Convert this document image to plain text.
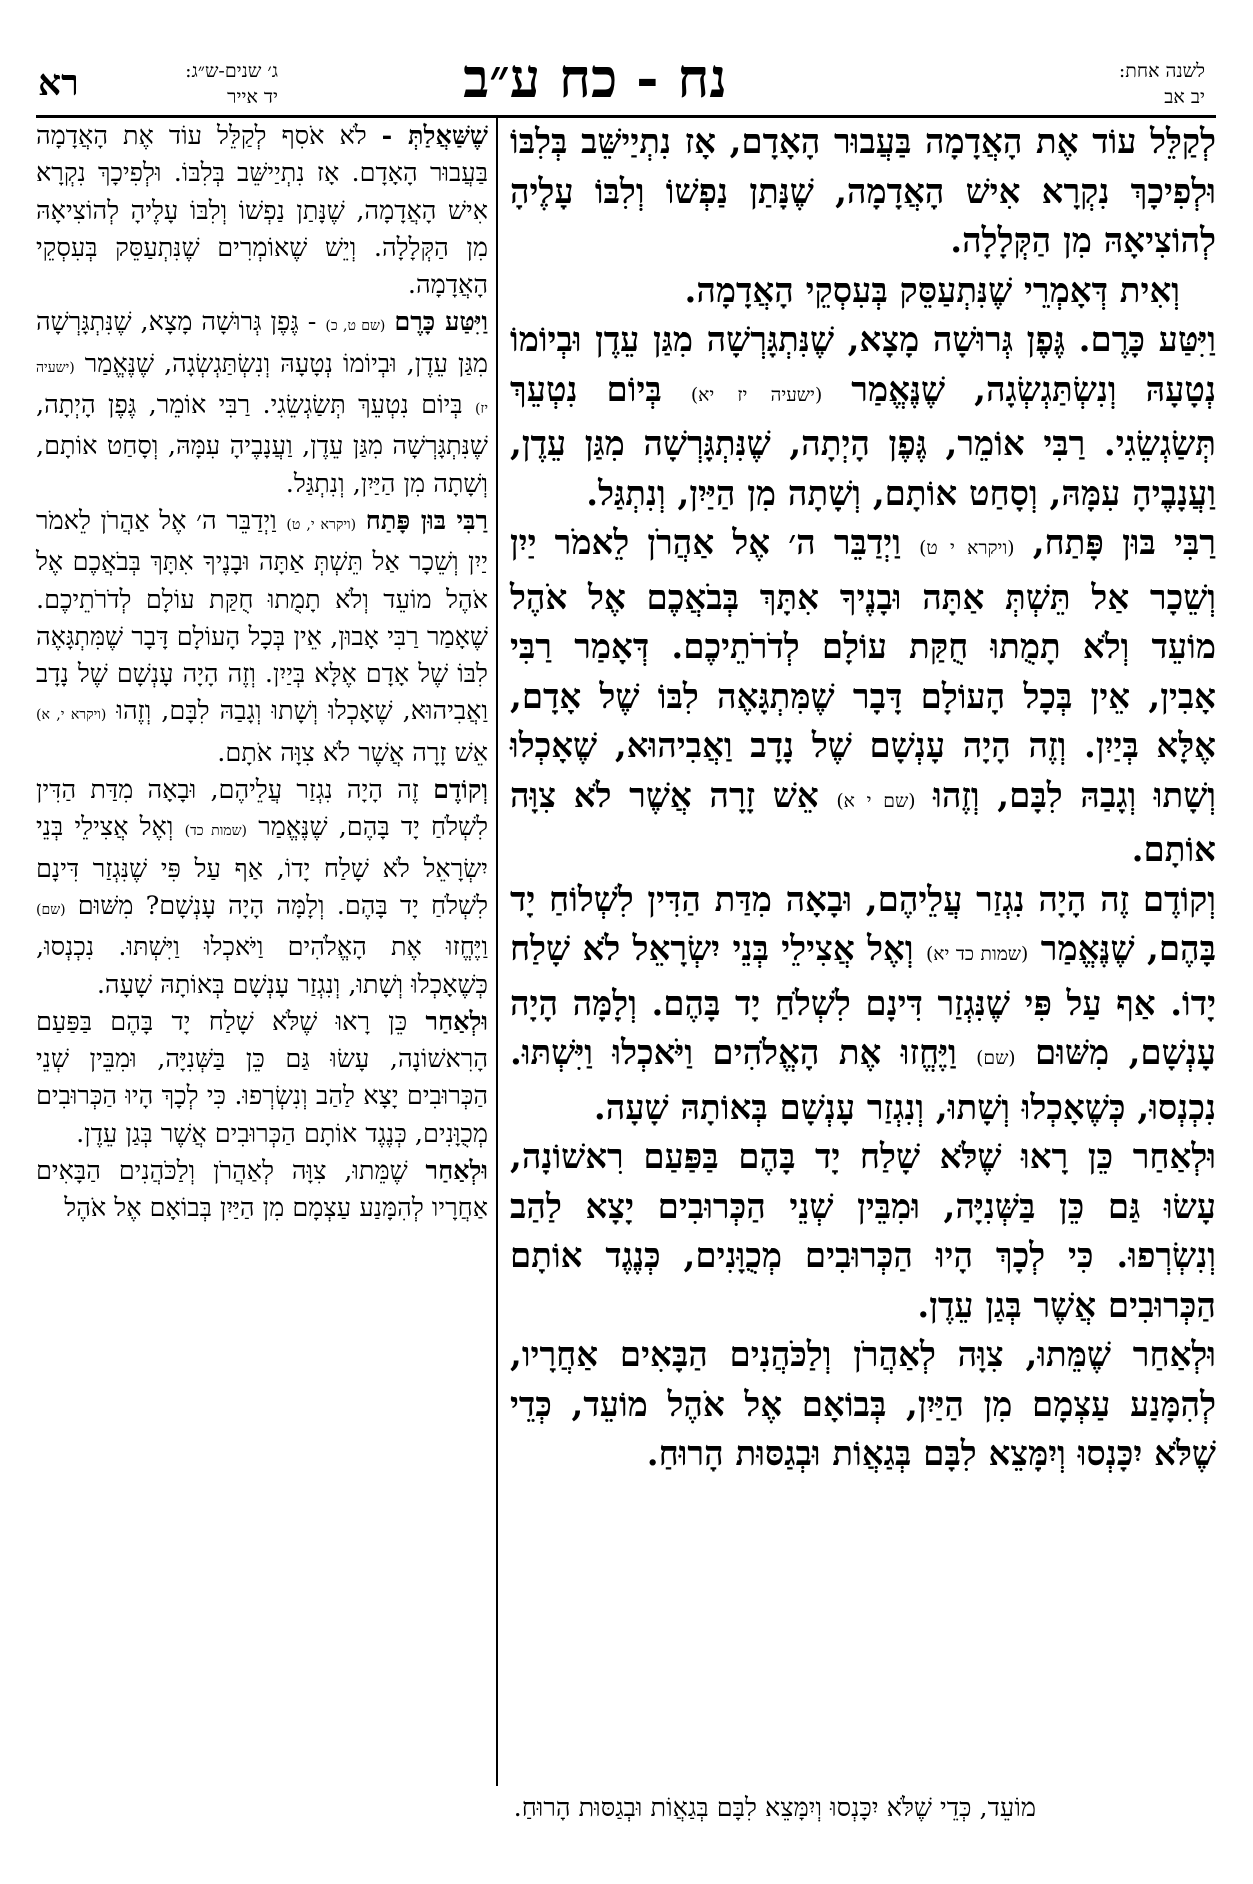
רא	ג׳ שנים-ש״ג:
יד אייר	נח - כח ע״ב	לשנה אחת:
יב אב

לְקַלֵּל עוֹד אֶת הָאֲדָמָה בַּעֲבוּר הָאָדָם, אָז נִתְיַישֵּׁב בְּלִבּוֹ וּלְפִיכָךְ נִקְרָא אִישׁ הָאֲדָמָה, שֶׁנָּתַן נַפְשׁוֹ וְלִבּוֹ עָלֶיהָ לְהוֹצִיאָהּ מִן הַקְּלָלָה.

וְאִית דְּאָמְרֵי שֶׁנִּתְעַסֵּק בְּעִסְקֵי הָאֲדָמָה.

וַיִּטַּע כָּרֶם. גֶּפֶן גְּרוּשָׁה מָצָא, שֶׁנִּתְגָּרְשָׁה מִגַּן עֵדֶן וּבְיוֹמוֹ נְטָעָהּ וְנִשְׂתַּגְשְׂגָה, שֶׁנֶּאֱמַר (ישעיה יז יא) בְּיוֹם נִטְעֵךְ תְּשַׂגְשֵׂגִי. רַבִּי אוֹמֵר, גֶּפֶן הָיְתָה, שֶׁנִּתְגָּרְשָׁה מִגַּן עֵדֶן, וַעֲנָבֶיהָ עִמָּהּ, וְסָחַט אוֹתָם, וְשָׁתָה מִן הַיַּיִן, וְנִתְגַּל.

רַבִּי בּוּן פָּתַח, (ויקרא י ט) וַיְדַבֵּר ה׳ אֶל אַהֲרֹן לֵאמֹר יַיִן וְשֵׁכָר אַל תֵּשְׁתְּ אַתָּה וּבָנֶיךָ אִתָּךְ בְּבֹאֲכֶם אֶל אֹהֶל מוֹעֵד וְלֹא תָמֻתוּ חֻקַּת עוֹלָם לְדֹרֹתֵיכֶם. דְּאָמַר רַבִּי אָבִין, אֵין בְּכָל הָעוֹלָם דָּבָר שֶׁמִּתְגָּאֶה לִבּוֹ שֶׁל אָדָם, אֶלָּא בְּיַיִן. וְזֶה הָיָה עָנְשָׁם שֶׁל נָדָב וַאֲבִיהוּא, שֶׁאָכְלוּ וְשָׁתוּ וְגָבַהּ לִבָּם, וְזֶהוּ (שם י א) אֵשׁ זָרָה אֲשֶׁר לֹא צִוָּה אוֹתָם.

וְקוֹדֶם זֶה הָיָה נִגְזַר עֲלֵיהֶם, וּבָאָה מִדַּת הַדִּין לִשְׁלוֹחַ יָד בָּהֶם, שֶׁנֶּאֱמַר (שמות כד יא) וְאֶל אֲצִילֵי בְּנֵי יִשְׂרָאֵל לֹא שָׁלַח יָדוֹ. אַף עַל פִּי שֶׁנִּגְזַר דִּינָם לִשְׁלֹחַ יָד בָּהֶם. וְלָמָּה הָיָה עָנְשָׁם, מִשּׁוּם (שם) וַיֶּחֱזוּ אֶת הָאֱלֹהִים וַיֹּאכְלוּ וַיִּשְׁתּוּ. נִכְנְסוּ, כְּשֶׁאָכְלוּ וְשָׁתוּ, וְנִגְזַר עָנְשָׁם בְּאוֹתָהּ שָׁעָה.

וּלְאַחַר כֵּן רָאוּ שֶׁלֹּא שָׁלַח יָד בָּהֶם בַּפַּעַם רִאשׁוֹנָה, עָשׂוּ גַּם כֵּן בַּשְּׁנִיָּה, וּמִבֵּין שְׁנֵי הַכְּרוּבִים יָצָא לַהַב וְנִשְׂרְפוּ. כִּי לְכָךְ הָיוּ הַכְּרוּבִים מְכֻוָּנִים, כְּנֶגֶד אוֹתָם הַכְּרוּבִים אֲשֶׁר בְּגַן עֵדֶן.

וּלְאַחַר שֶׁמֵּתוּ, צִוָּה לְאַהֲרֹן וְלַכֹּהֲנִים הַבָּאִים אַחֲרָיו, לְהִמָּנַע עַצְמָם מִן הַיַּיִן, בְּבוֹאָם אֶל אֹהֶל מוֹעֵד, כְּדֵי שֶׁלֹּא יִכָּנְסוּ וְיִמָּצֵא לִבָּם בְּגַאֲוֹת וּבְגַסּוּת הָרוּחַ.

שֶׁשַּׁאֲלַתְּ - לֹא אֹסִף לְקַלֵּל עוֹד אֶת הָאֲדָמָה בַּעֲבוּר הָאָדָם. אָז נִתְיַישֵּׁב בְּלִבּוֹ. וּלְפִיכָךְ נִקְרָא אִישׁ הָאֲדָמָה, שֶׁנָּתַן נַפְשׁוֹ וְלִבּוֹ עָלֶיהָ לְהוֹצִיאָהּ מִן הַקְּלָלָה. וְיֵשׁ שֶׁאוֹמְרִים שֶׁנִּתְעַסֵּק בְּעִסְקֵי הָאֲדָמָה.

וַיִּטַּע כָּרֶם (שם ט, כ) - גֶּפֶן גְּרוּשָׁה מָצָא, שֶׁנִּתְגָּרְשָׁה מִגַּן עֵדֶן, וּבְיוֹמוֹ נְטָעָהּ וְנִשְׂתַּגְשְׂגָה, שֶׁנֶּאֱמַר (ישעיה יז) בְּיוֹם נִטְעֵךְ תְּשַׂגְשֵׂגִי. רַבִּי אוֹמֵר, גֶּפֶן הָיְתָה, שֶׁנִּתְגָּרְשָׁה מִגַּן עֵדֶן, וַעֲנָבֶיהָ עִמָּהּ, וְסָחַט אוֹתָם, וְשָׁתָה מִן הַיַּיִן, וְנִתְגַּל.

רַבִּי בּוּן פָּתַח (ויקרא י, ט) וַיְדַבֵּר ה׳ אֶל אַהֲרֹן לֵאמֹר יַיִן וְשֵׁכָר אַל תֵּשְׁתְּ אַתָּה וּבָנֶיךָ אִתָּךְ בְּבֹאֲכֶם אֶל אֹהֶל מוֹעֵד וְלֹא תָמֻתוּ חֻקַּת עוֹלָם לְדֹרֹתֵיכֶם. שֶׁאָמַר רַבִּי אָבוּן, אֵין בְּכָל הָעוֹלָם דָּבָר שֶׁמִּתְגָּאֶה לִבּוֹ שֶׁל אָדָם אֶלָּא בְּיַיִן. וְזֶה הָיָה עָנְשָׁם שֶׁל נָדָב וַאֲבִיהוּא, שֶׁאָכְלוּ וְשָׁתוּ וְגָבַהּ לִבָּם, וְזֶהוּ (ויקרא י, א) אֵשׁ זָרָה אֲשֶׁר לֹא צִוָּה אֹתָם.

וְקוֹדֶם זֶה הָיָה נִגְזַר עֲלֵיהֶם, וּבָאָה מִדַּת הַדִּין לִשְׁלֹחַ יָד בָּהֶם, שֶׁנֶּאֱמַר (שמות כד) וְאֶל אֲצִילֵי בְּנֵי יִשְׂרָאֵל לֹא שָׁלַח יָדוֹ, אַף עַל פִּי שֶׁנִּגְזַר דִּינָם לִשְׁלֹחַ יָד בָּהֶם. וְלָמָּה הָיָה עָנְשָׁם? מִשּׁוּם (שם) וַיֶּחֱזוּ אֶת הָאֱלֹהִים וַיֹּאכְלוּ וַיִּשְׁתּוּ. נִכְנְסוּ, כְּשֶׁאָכְלוּ וְשָׁתוּ, וְנִגְזַר עָנְשָׁם בְּאוֹתָהּ שָׁעָה.

וּלְאַחַר כֵּן רָאוּ שֶׁלֹּא שָׁלַח יָד בָּהֶם בַּפַּעַם הָרִאשׁוֹנָה, עָשׂוּ גַּם כֵּן בַּשְּׁנִיָּה, וּמִבֵּין שְׁנֵי הַכְּרוּבִים יָצָא לַהַב וְנִשְׂרְפוּ. כִּי לְכָךְ הָיוּ הַכְּרוּבִים מְכֻוָּנִים, כְּנֶגֶד אוֹתָם הַכְּרוּבִים אֲשֶׁר בְּגַן עֵדֶן.

וּלְאַחַר שֶׁמֵּתוּ, צִוָּה לְאַהֲרֹן וְלַכֹּהֲנִים הַבָּאִים אַחֲרָיו לְהִמָּנַע עַצְמָם מִן הַיַּיִן בְּבוֹאָם אֶל אֹהֶל

מוֹעֵד, כְּדֵי שֶׁלֹּא יִכָּנְסוּ וְיִמָּצֵא לִבָּם בְּגַאֲוֹת וּבְגַסּוּת הָרוּחַ.
